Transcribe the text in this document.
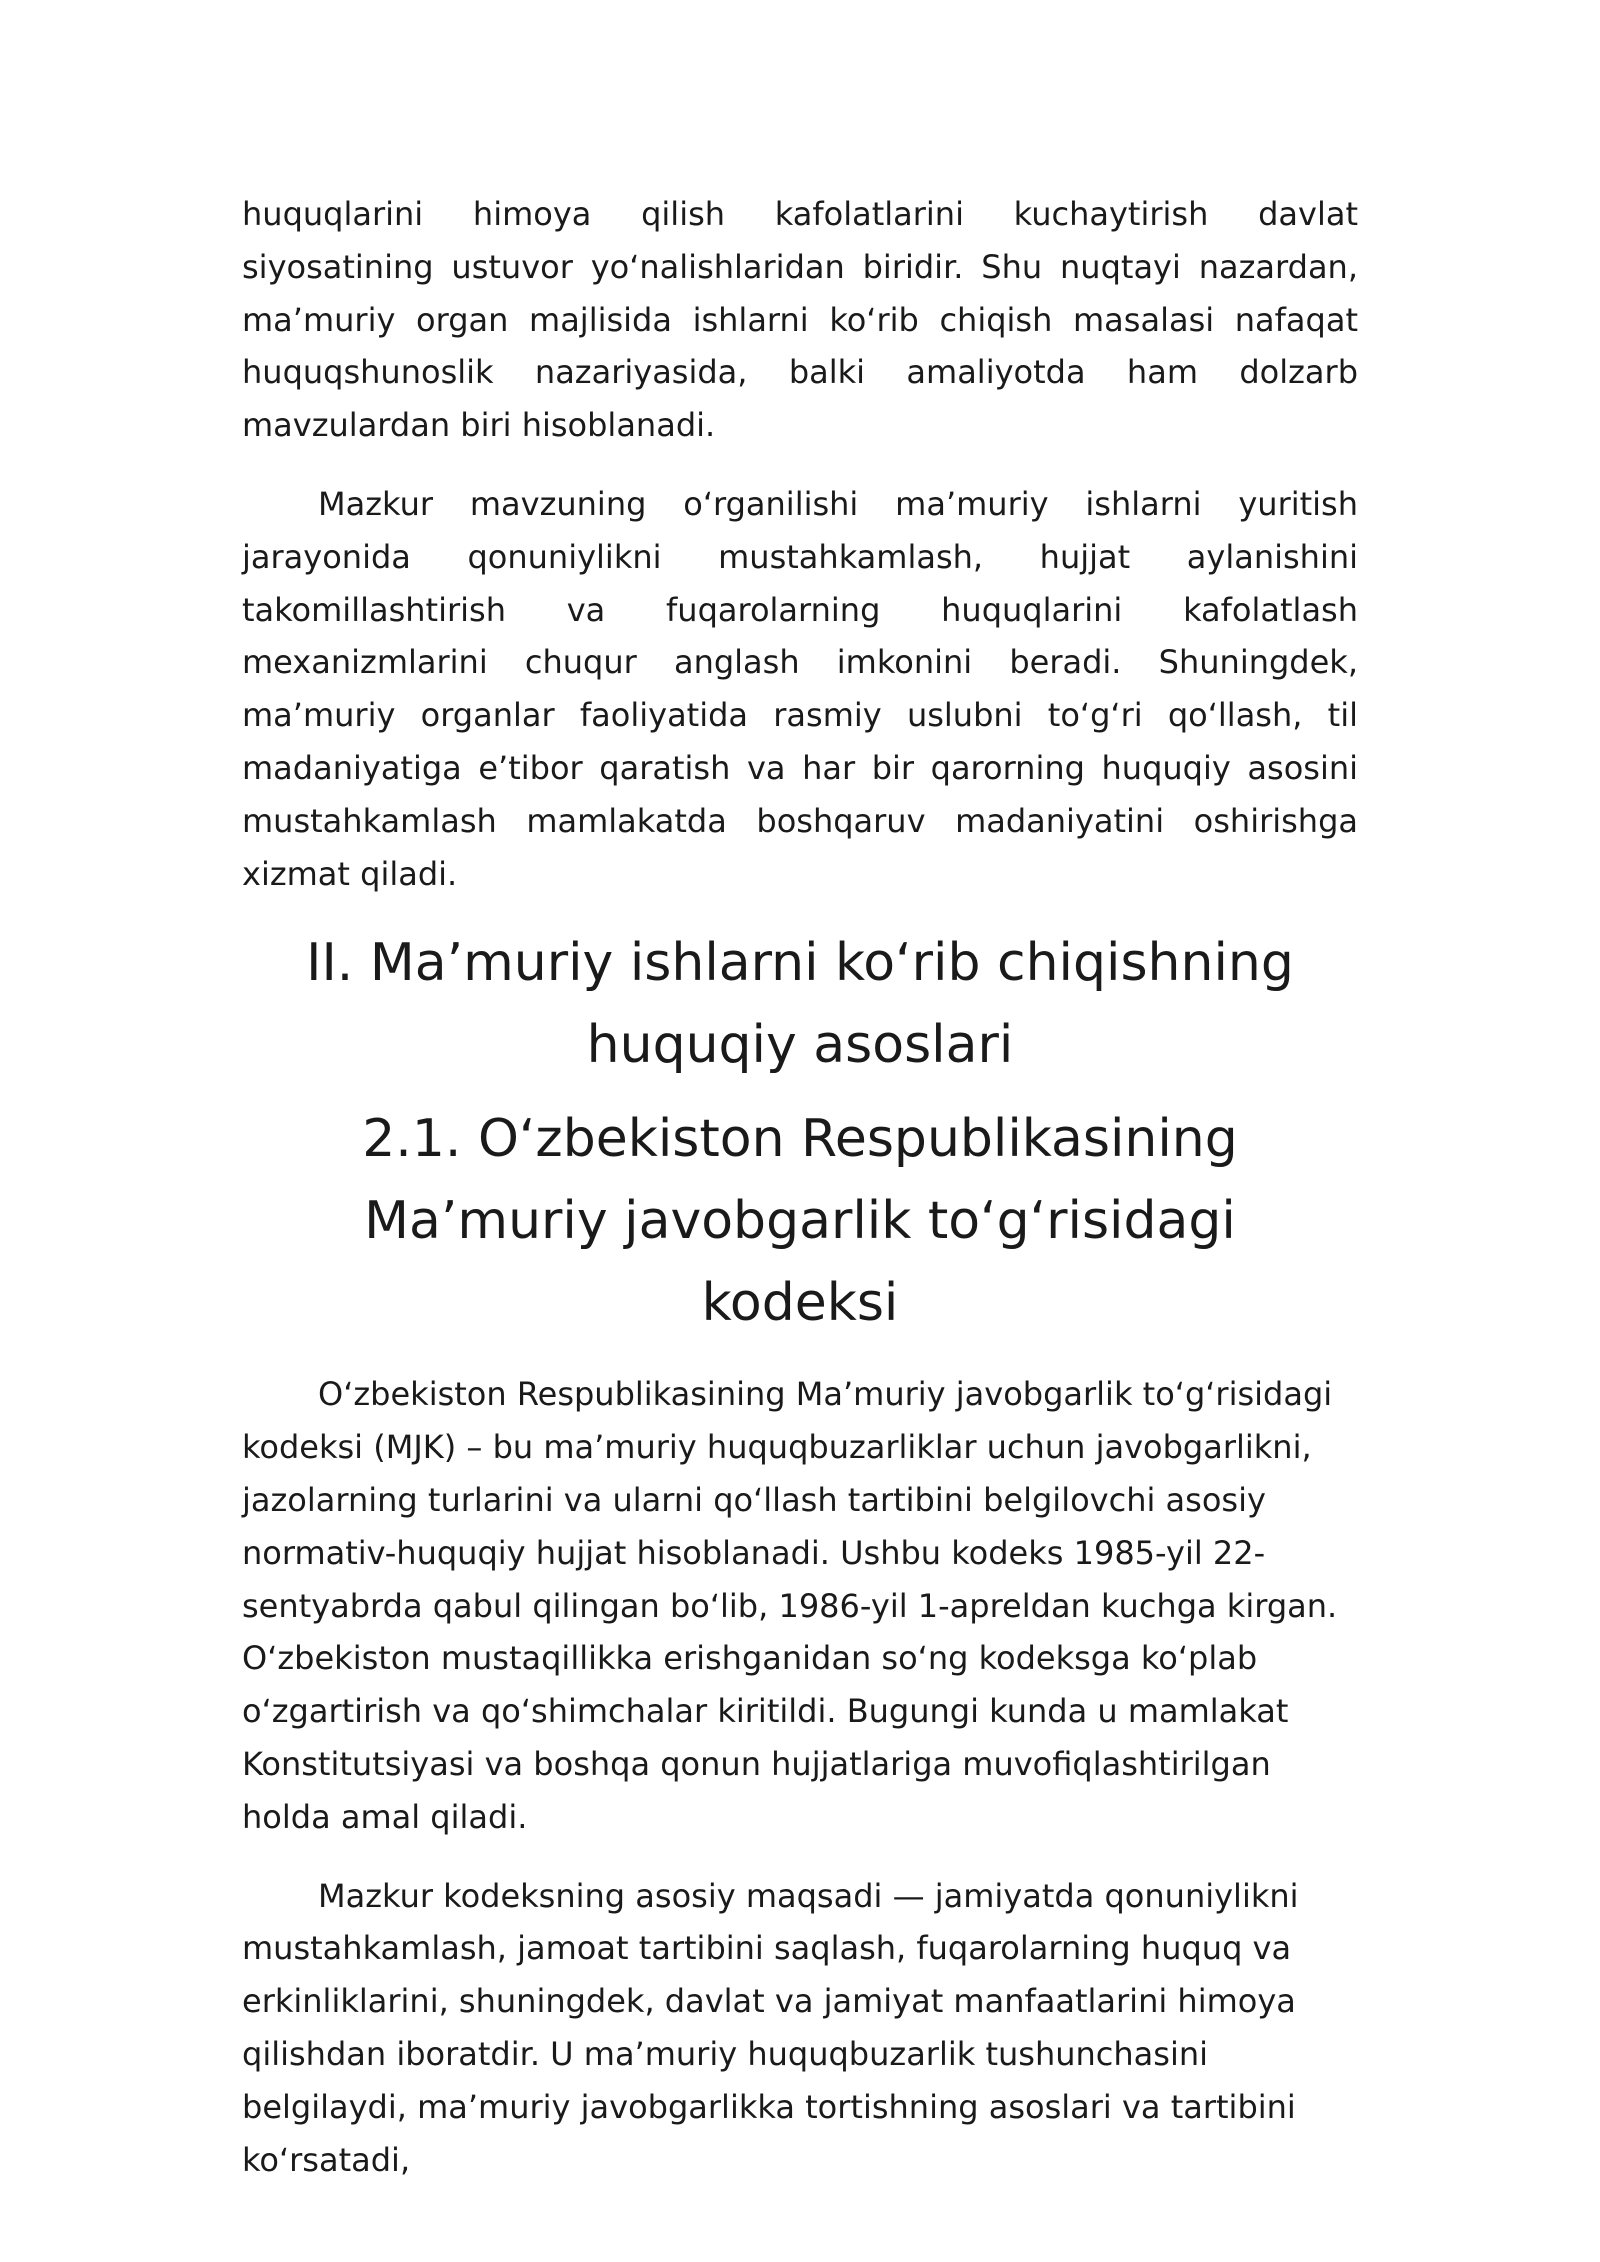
huquqlarini himoya qilish kafolatlarini kuchaytirish davlat siyosatining ustuvor yoʻnalishlaridan biridir. Shu nuqtayi nazardan, maʼmuriy organ majlisida ishlarni koʻrib chiqish masalasi nafaqat huquqshunoslik nazariyasida, balki amaliyotda ham dolzarb mavzulardan biri hisoblanadi.

Mazkur mavzuning oʻrganilishi maʼmuriy ishlarni yuritish jarayonida qonuniylikni mustahkamlash, hujjat aylanishini takomillashtirish va fuqarolarning huquqlarini kafolatlash mexanizmlarini chuqur anglash imkonini beradi. Shuningdek, maʼmuriy organlar faoliyatida rasmiy uslubni toʻgʻri qoʻllash, til madaniyatiga eʼtibor qaratish va har bir qarorning huquqiy asosini mustahkamlash mamlakatda boshqaruv madaniyatini oshirishga xizmat qiladi.

II. Maʼmuriy ishlarni koʻrib chiqishning huquqiy asoslari
2.1. Oʻzbekiston Respublikasining Maʼmuriy javobgarlik toʻgʻrisidagi kodeksi

Oʻzbekiston Respublikasining Maʼmuriy javobgarlik toʻgʻrisidagi kodeksi (MJK) – bu maʼmuriy huquqbuzarliklar uchun javobgarlikni, jazolarning turlarini va ularni qoʻllash tartibini belgilovchi asosiy normativ-huquqiy hujjat hisoblanadi. Ushbu kodeks 1985-yil 22-sentyabrda qabul qilingan boʻlib, 1986-yil 1-apreldan kuchga kirgan. Oʻzbekiston mustaqillikka erishganidan soʻng kodeksga koʻplab oʻzgartirish va qoʻshimchalar kiritildi. Bugungi kunda u mamlakat Konstitutsiyasi va boshqa qonun hujjatlariga muvofiqlashtirilgan holda amal qiladi.

Mazkur kodeksning asosiy maqsadi — jamiyatda qonuniylikni mustahkamlash, jamoat tartibini saqlash, fuqarolarning huquq va erkinliklarini, shuningdek, davlat va jamiyat manfaatlarini himoya qilishdan iboratdir. U maʼmuriy huquqbuzarlik tushunchasini belgilaydi, maʼmuriy javobgarlikka tortishning asoslari va tartibini koʻrsatadi,
